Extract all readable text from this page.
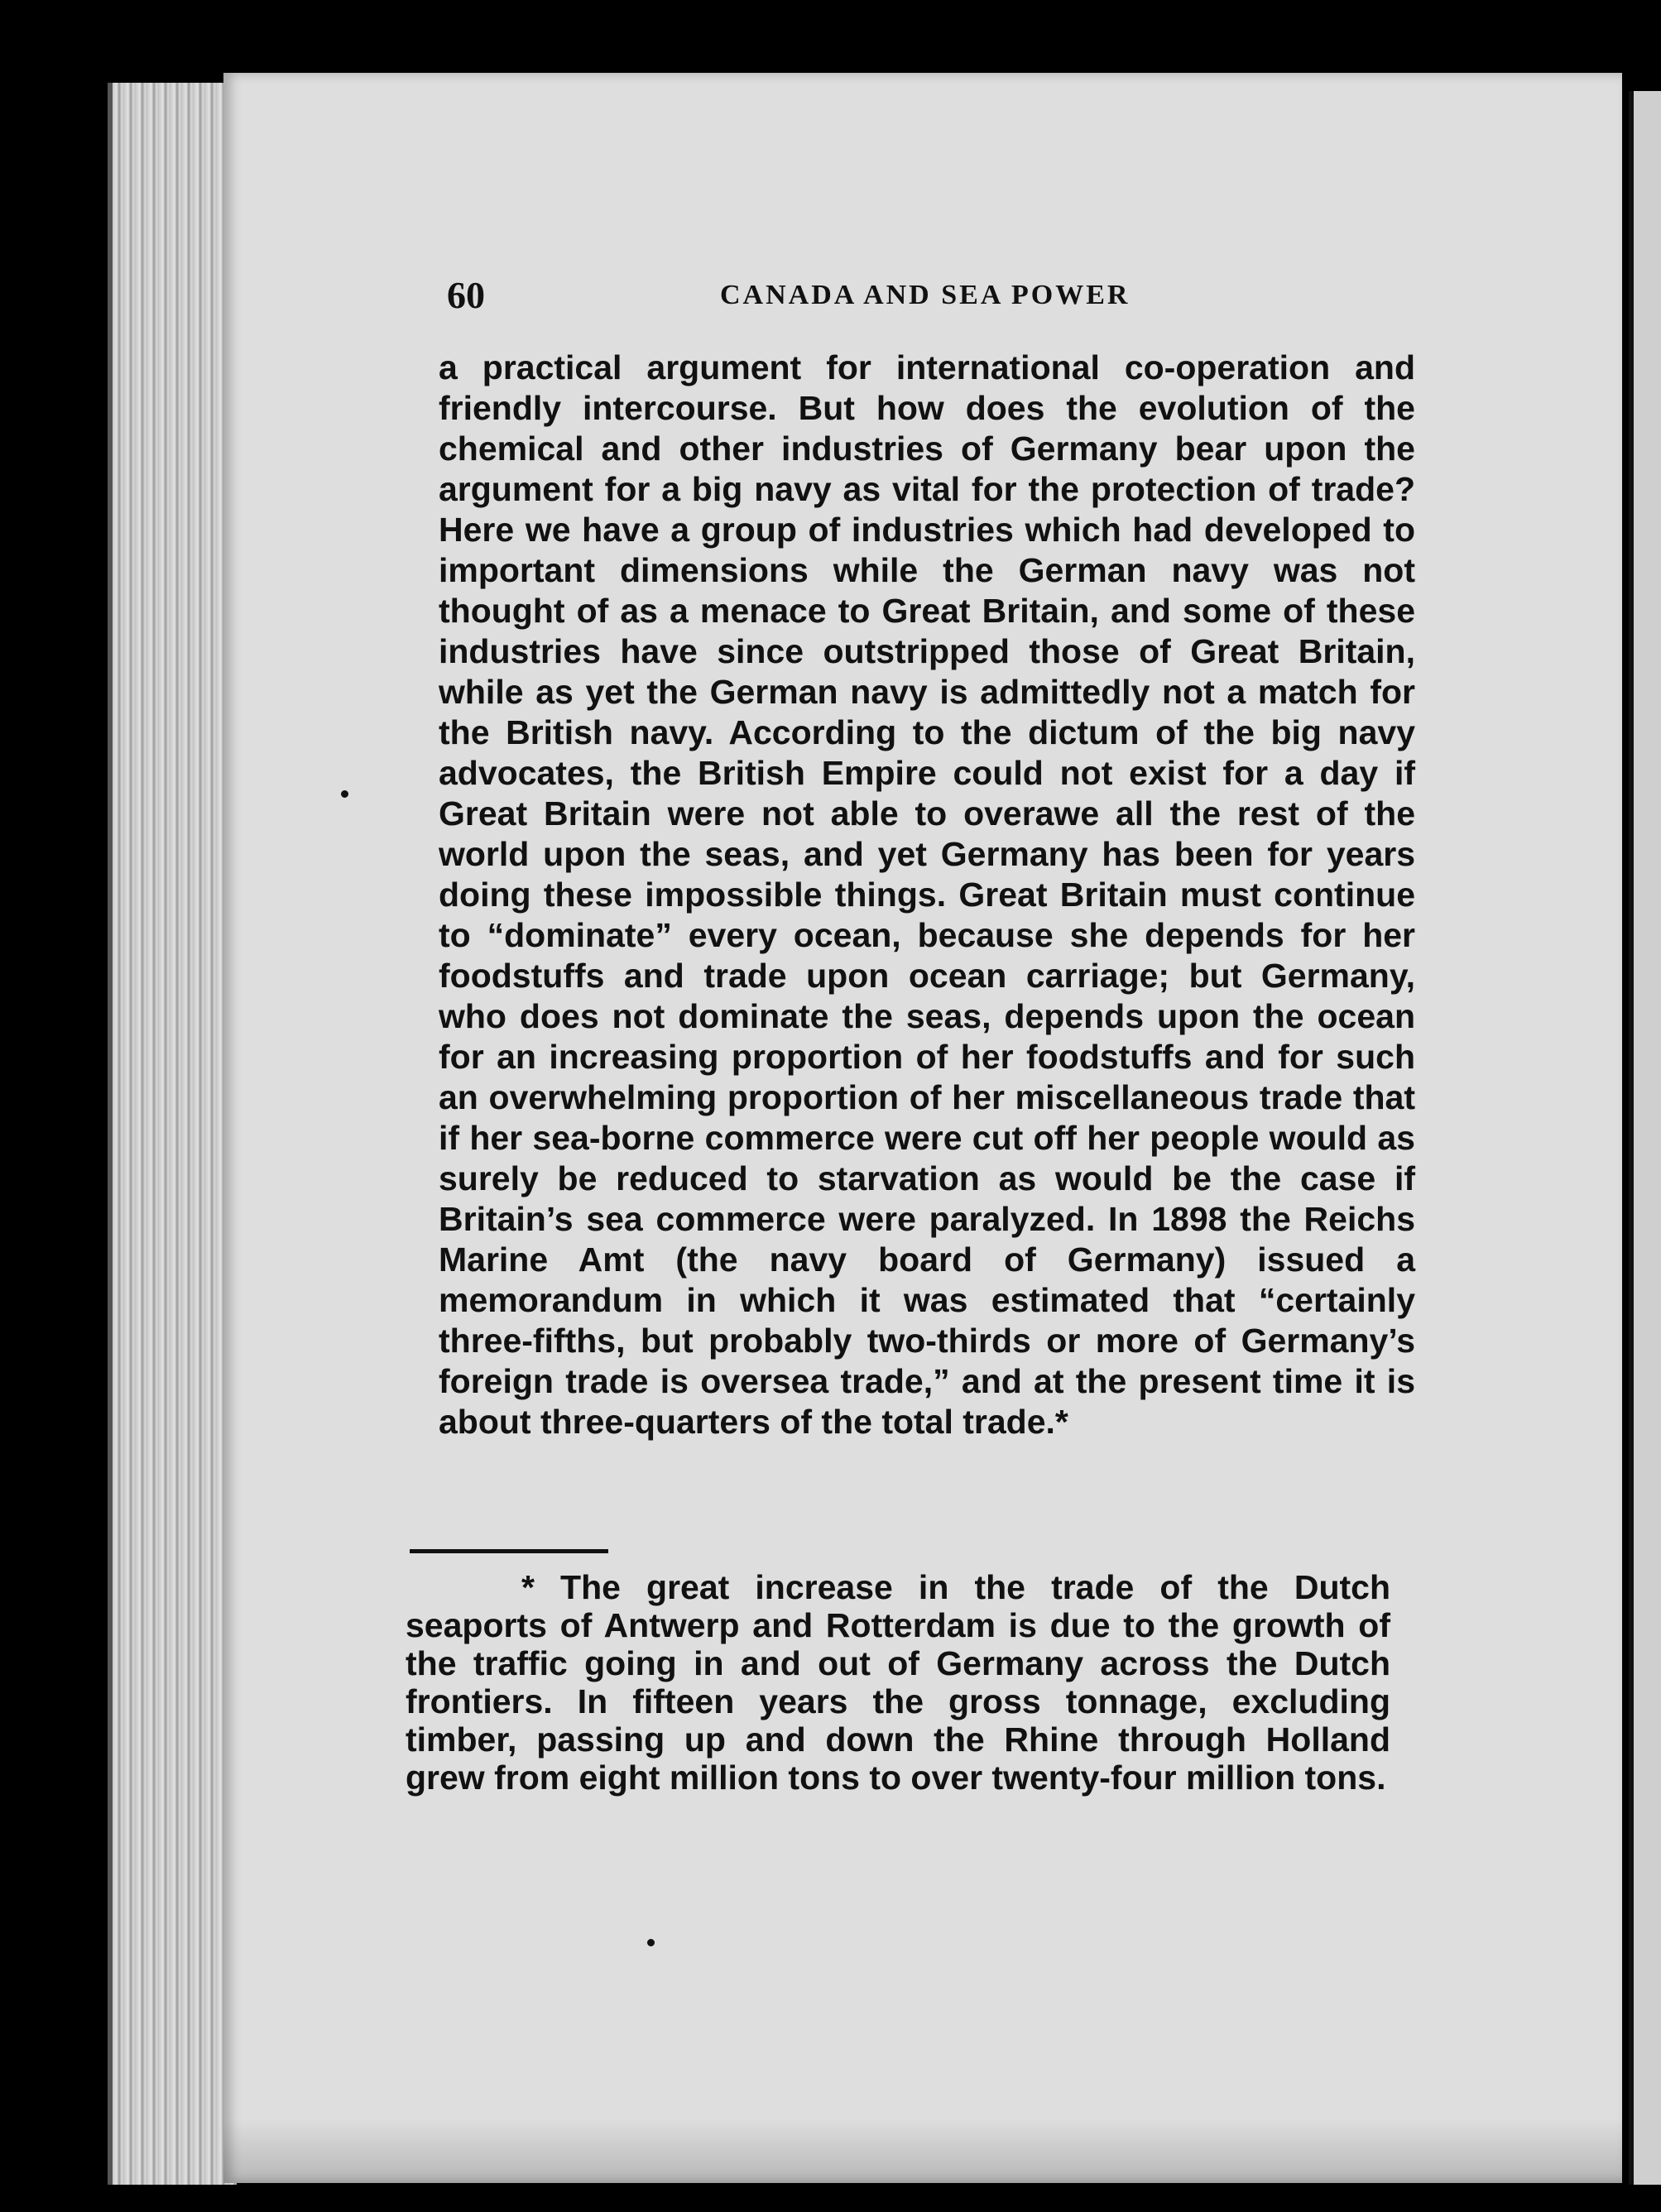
60	CANADA AND SEA POWER
a practical argument for international co-operation and friendly intercourse. But how does the evolution of the chemical and other industries of Germany bear upon the argument for a big navy as vital for the protection of trade? Here we have a group of industries which had developed to important dimensions while the German navy was not thought of as a menace to Great Britain, and some of these industries have since outstripped those of Great Britain, while as yet the German navy is admittedly not a match for the British navy. According to the dictum of the big navy advocates, the British Empire could not exist for a day if Great Britain were not able to overawe all the rest of the world upon the seas, and yet Germany has been for years doing these impossible things. Great Britain must continue to “dominate” every ocean, because she depends for her foodstuffs and trade upon ocean carriage; but Germany, who does not dominate the seas, depends upon the ocean for an increasing proportion of her foodstuffs and for such an overwhelming proportion of her miscellaneous trade that if her sea-borne commerce were cut off her people would as surely be reduced to starvation as would be the case if Britain’s sea commerce were paralyzed. In 1898 the Reichs Marine Amt (the navy board of Germany) issued a memorandum in which it was estimated that “certainly three-fifths, but probably two-thirds or more of Germany’s foreign trade is oversea trade,” and at the present time it is about three-quarters of the total trade.*
* The great increase in the trade of the Dutch seaports of Antwerp and Rotterdam is due to the growth of the traffic going in and out of Germany across the Dutch frontiers. In fifteen years the gross tonnage, excluding timber, passing up and down the Rhine through Holland grew from eight million tons to over twenty-four million tons.
